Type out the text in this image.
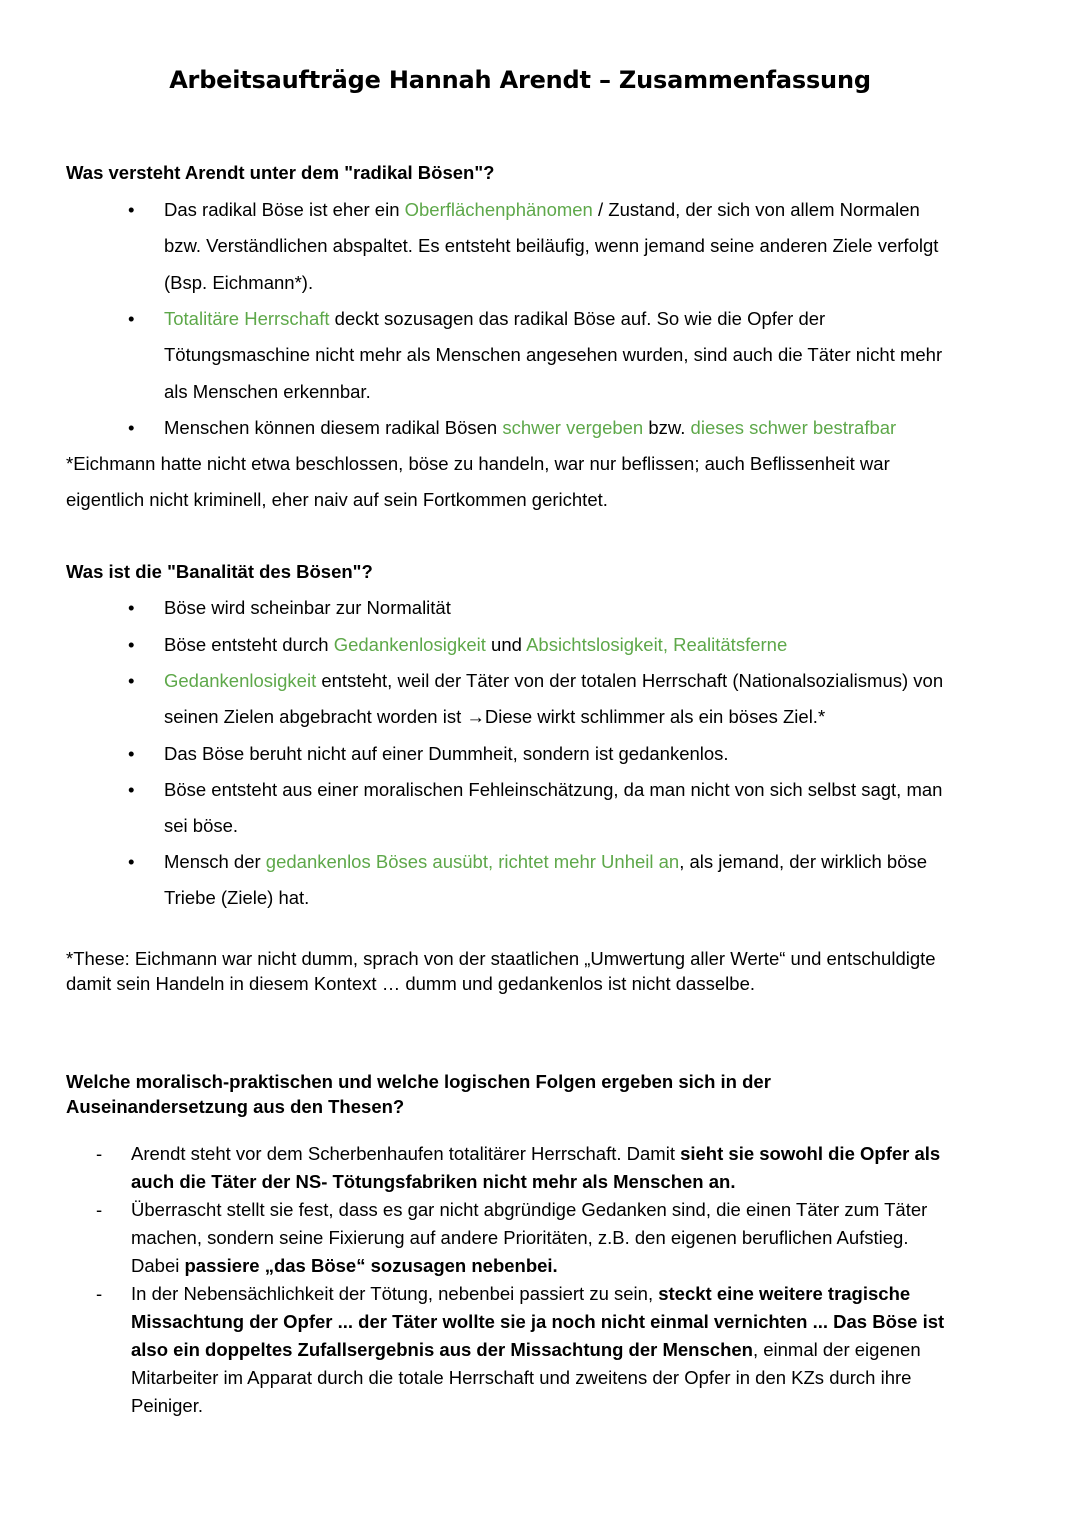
Arbeitsaufträge Hannah Arendt – Zusammenfassung
Was versteht Arendt unter dem "radikal Bösen"?
• Das radikal Böse ist eher ein Oberflächenphänomen / Zustand, der sich von allem Normalen
bzw. Verständlichen abspaltet. Es entsteht beiläufig, wenn jemand seine anderen Ziele verfolgt
(Bsp. Eichmann*).
• Totalitäre Herrschaft deckt sozusagen das radikal Böse auf. So wie die Opfer der
Tötungsmaschine nicht mehr als Menschen angesehen wurden, sind auch die Täter nicht mehr
als Menschen erkennbar.
• Menschen können diesem radikal Bösen schwer vergeben bzw. dieses schwer bestrafbar
*Eichmann hatte nicht etwa beschlossen, böse zu handeln, war nur beflissen; auch Beflissenheit war
eigentlich nicht kriminell, eher naiv auf sein Fortkommen gerichtet.
Was ist die "Banalität des Bösen"?
• Böse wird scheinbar zur Normalität
• Böse entsteht durch Gedankenlosigkeit und Absichtslosigkeit, Realitätsferne
• Gedankenlosigkeit entsteht, weil der Täter von der totalen Herrschaft (Nationalsozialismus) von
seinen Zielen abgebracht worden ist →Diese wirkt schlimmer als ein böses Ziel.*
• Das Böse beruht nicht auf einer Dummheit, sondern ist gedankenlos.
• Böse entsteht aus einer moralischen Fehleinschätzung, da man nicht von sich selbst sagt, man
sei böse.
• Mensch der gedankenlos Böses ausübt, richtet mehr Unheil an, als jemand, der wirklich böse
Triebe (Ziele) hat.
*These: Eichmann war nicht dumm, sprach von der staatlichen „Umwertung aller Werte“ und entschuldigte
damit sein Handeln in diesem Kontext … dumm und gedankenlos ist nicht dasselbe.
Welche moralisch-praktischen und welche logischen Folgen ergeben sich in der
Auseinandersetzung aus den Thesen?
- Arendt steht vor dem Scherbenhaufen totalitärer Herrschaft. Damit sieht sie sowohl die Opfer als
auch die Täter der NS- Tötungsfabriken nicht mehr als Menschen an.
- Überrascht stellt sie fest, dass es gar nicht abgründige Gedanken sind, die einen Täter zum Täter
machen, sondern seine Fixierung auf andere Prioritäten, z.B. den eigenen beruflichen Aufstieg.
Dabei passiere „das Böse“ sozusagen nebenbei.
- In der Nebensächlichkeit der Tötung, nebenbei passiert zu sein, steckt eine weitere tragische
Missachtung der Opfer ... der Täter wollte sie ja noch nicht einmal vernichten ... Das Böse ist
also ein doppeltes Zufallsergebnis aus der Missachtung der Menschen, einmal der eigenen
Mitarbeiter im Apparat durch die totale Herrschaft und zweitens der Opfer in den KZs durch ihre
Peiniger.
